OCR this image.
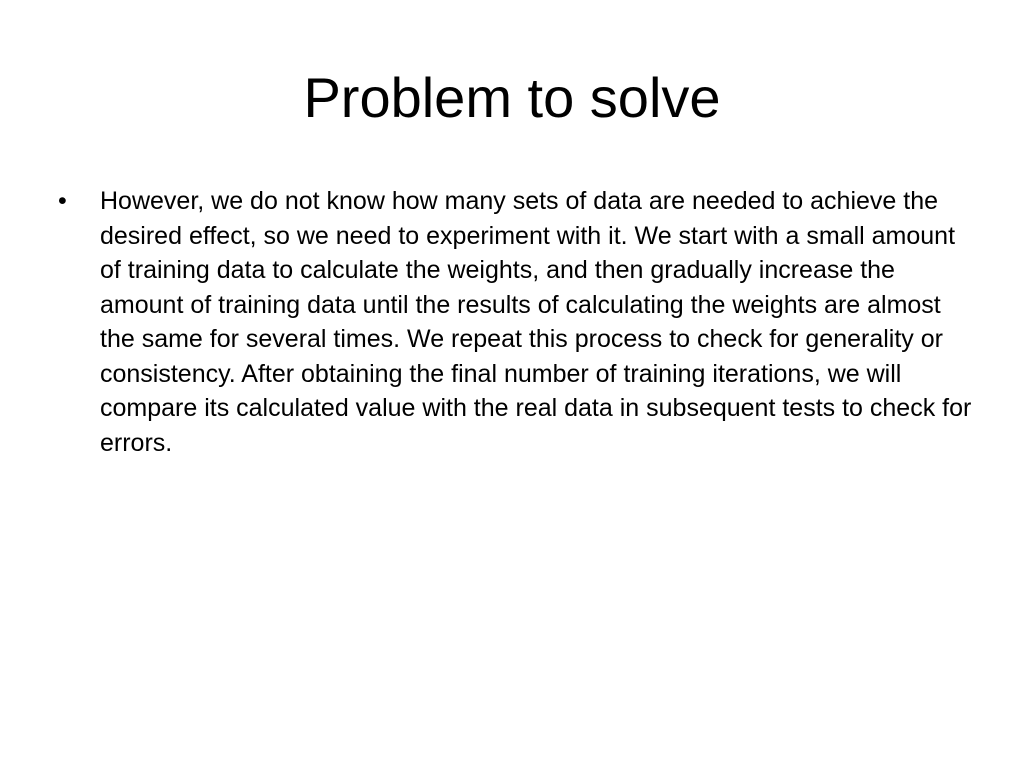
Problem to solve
• However, we do not know how many sets of data are needed to achieve the desired effect, so we need to experiment with it. We start with a small amount of training data to calculate the weights, and then gradually increase the amount of training data until the results of calculating the weights are almost the same for several times. We repeat this process to check for generality or consistency. After obtaining the final number of training iterations, we will compare its calculated value with the real data in subsequent tests to check for errors.
